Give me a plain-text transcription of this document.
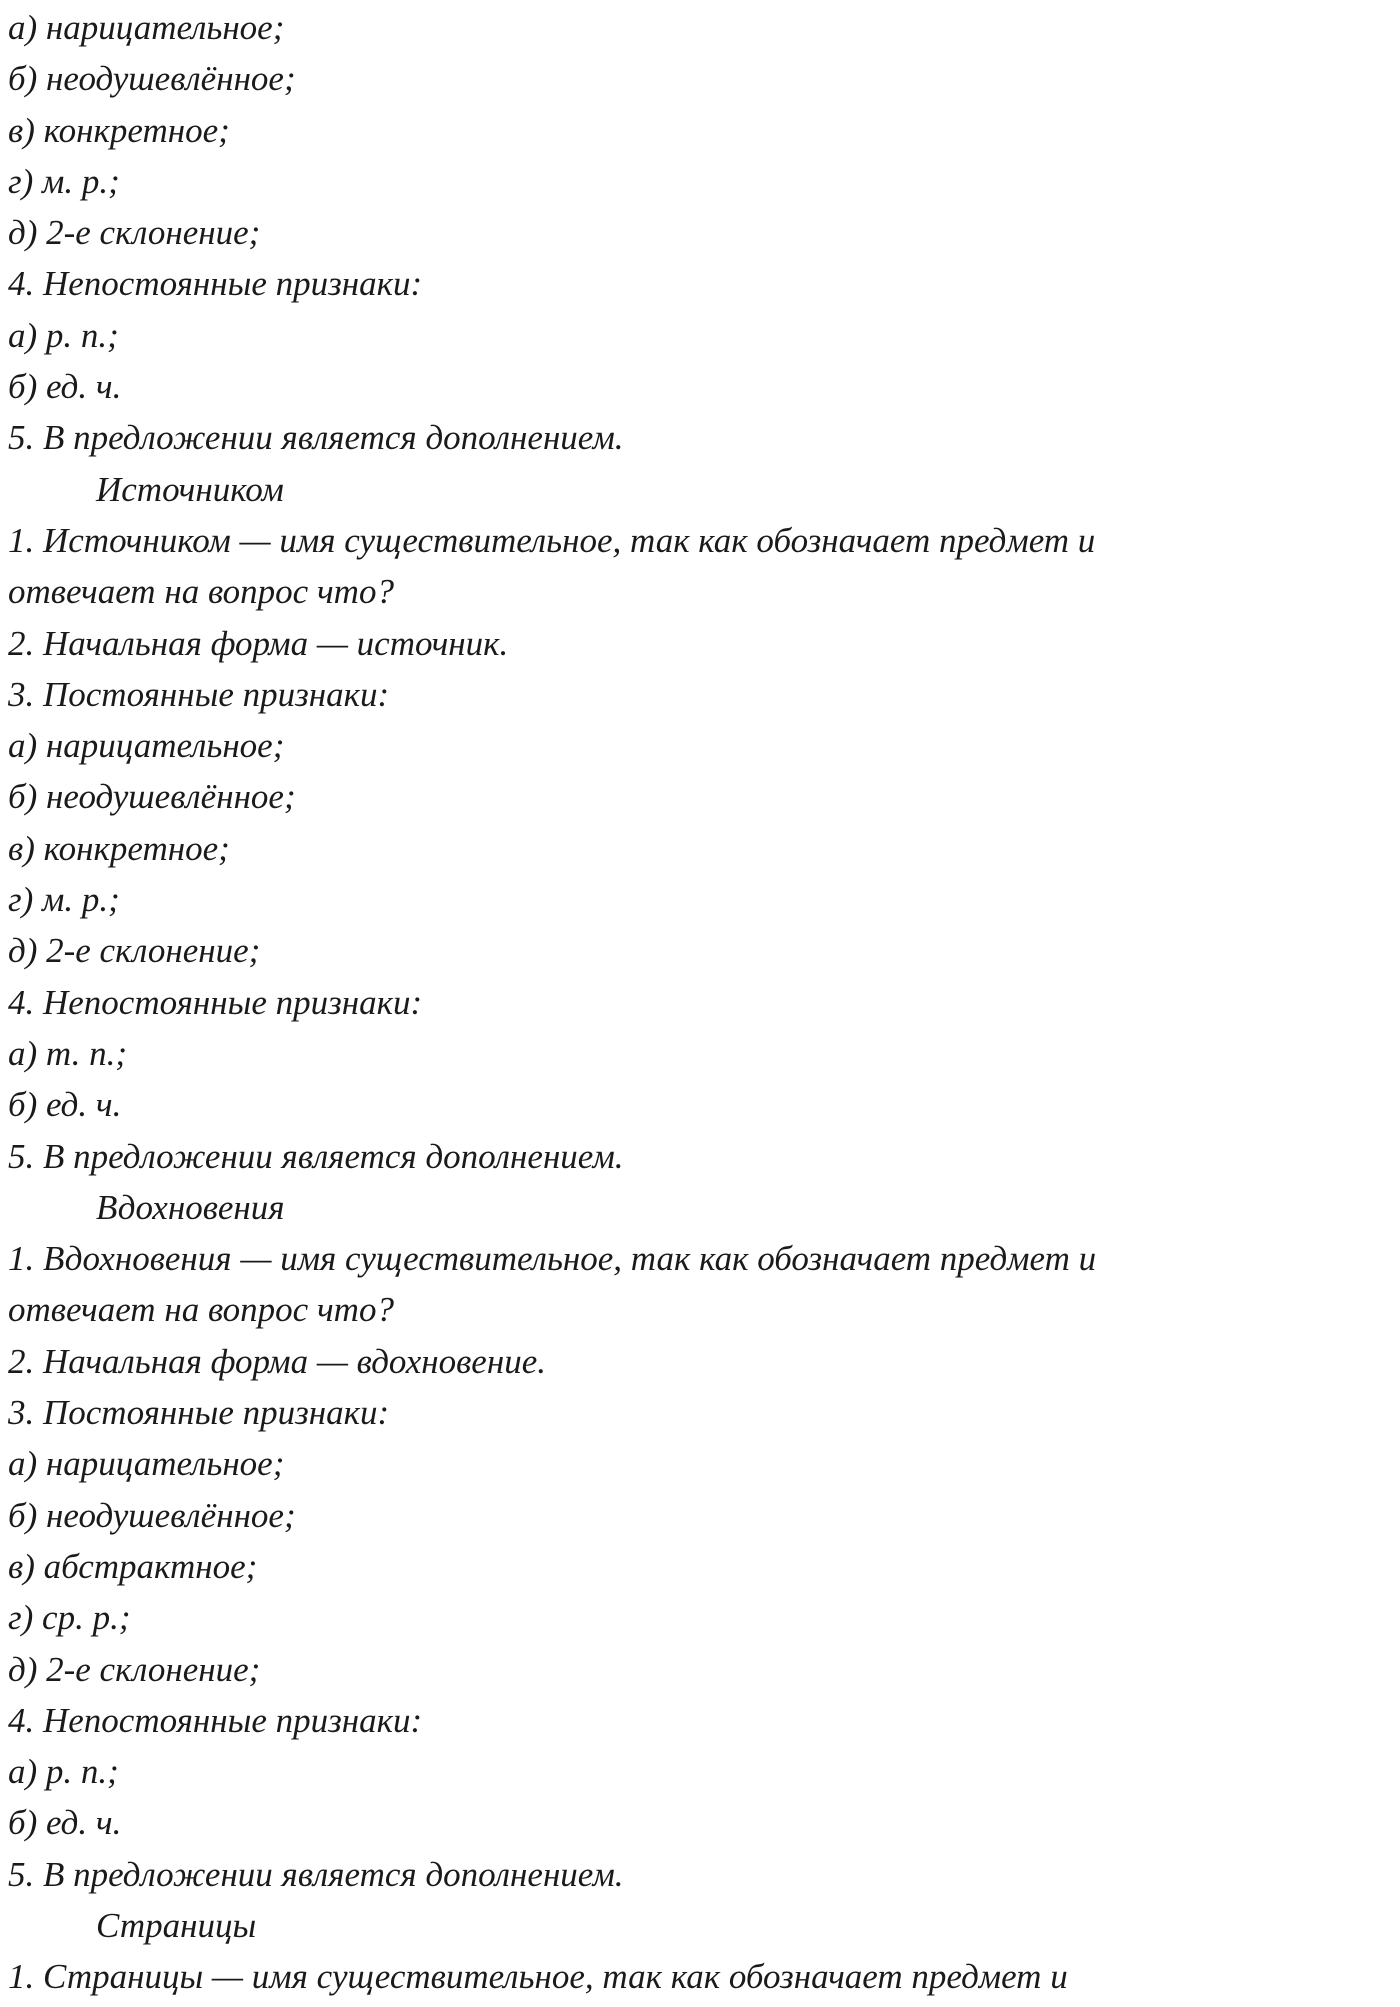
а) нарицательное;
б) неодушевлённое;
в) конкретное;
г) м. р.;
д) 2-е склонение;
4. Непостоянные признаки:
а) р. п.;
б) ед. ч.
5. В предложении является дополнением.
Источником
1. Источником — имя существительное, так как обозначает предмет и
отвечает на вопрос что?
2. Начальная форма — источник.
3. Постоянные признаки:
а) нарицательное;
б) неодушевлённое;
в) конкретное;
г) м. р.;
д) 2-е склонение;
4. Непостоянные признаки:
а) т. п.;
б) ед. ч.
5. В предложении является дополнением.
Вдохновения
1. Вдохновения — имя существительное, так как обозначает предмет и
отвечает на вопрос что?
2. Начальная форма — вдохновение.
3. Постоянные признаки:
а) нарицательное;
б) неодушевлённое;
в) абстрактное;
г) ср. р.;
д) 2-е склонение;
4. Непостоянные признаки:
а) р. п.;
б) ед. ч.
5. В предложении является дополнением.
Страницы
1. Страницы — имя существительное, так как обозначает предмет и
